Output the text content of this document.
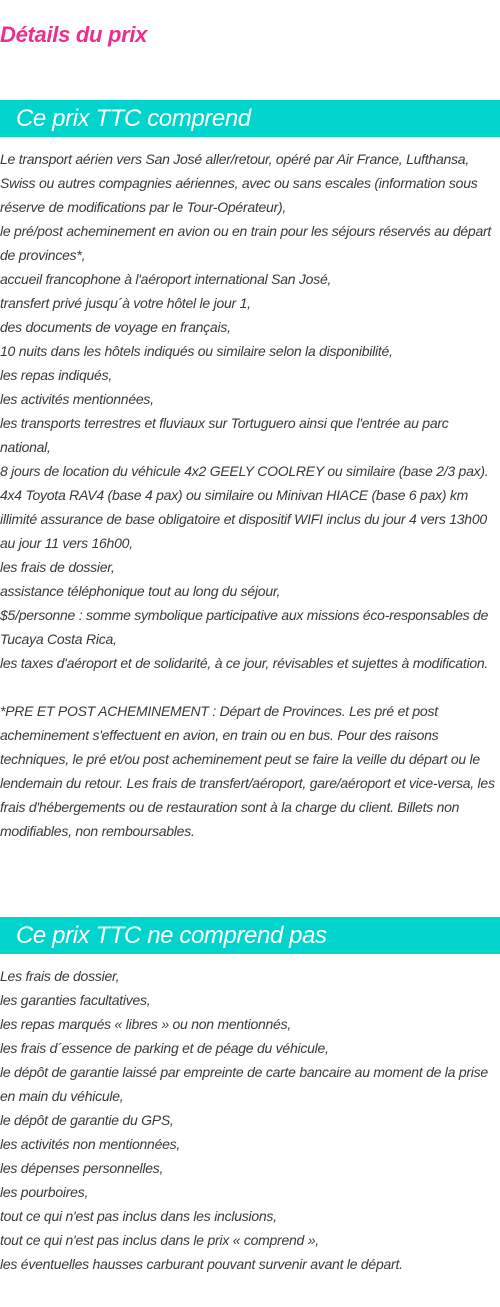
Détails du prix
Ce prix TTC comprend
Le transport aérien vers San José aller/retour, opéré par Air France, Lufthansa, Swiss ou autres compagnies aériennes, avec ou sans escales (information sous réserve de modifications par le Tour-Opérateur),
le pré/post acheminement en avion ou en train pour les séjours réservés au départ de provinces*,
accueil francophone à l'aéroport international San José,
transfert privé jusqu´à votre hôtel le jour 1,
des documents de voyage en français,
10 nuits dans les hôtels indiqués ou similaire selon la disponibilité,
les repas indiqués,
les activités mentionnées,
les transports terrestres et fluviaux sur Tortuguero ainsi que l'entrée au parc national,
8 jours de location du véhicule 4x2 GEELY COOLREY ou similaire (base 2/3 pax). 4x4 Toyota RAV4 (base 4 pax) ou similaire ou Minivan HIACE (base 6 pax) km illimité assurance de base obligatoire et dispositif WIFI inclus du jour 4 vers 13h00 au jour 11 vers 16h00,
les frais de dossier,
assistance téléphonique tout au long du séjour,
$5/personne : somme symbolique participative aux missions éco-responsables de Tucaya Costa Rica,
les taxes d'aéroport et de solidarité, à ce jour, révisables et sujettes à modification.
*PRE ET POST ACHEMINEMENT : Départ de Provinces. Les pré et post acheminement s'effectuent en avion, en train ou en bus. Pour des raisons techniques, le pré et/ou post acheminement peut se faire la veille du départ ou le lendemain du retour. Les frais de transfert/aéroport, gare/aéroport et vice-versa, les frais d'hébergements ou de restauration sont à la charge du client. Billets non modifiables, non remboursables.
Ce prix TTC ne comprend pas
Les frais de dossier,
les garanties facultatives,
les repas marqués « libres » ou non mentionnés,
les frais d´essence de parking et de péage du véhicule,
le dépôt de garantie laissé par empreinte de carte bancaire au moment de la prise en main du véhicule,
le dépôt de garantie du GPS,
les activités non mentionnées,
les dépenses personnelles,
les pourboires,
tout ce qui n'est pas inclus dans les inclusions,
tout ce qui n'est pas inclus dans le prix « comprend »,
les éventuelles hausses carburant pouvant survenir avant le départ.
